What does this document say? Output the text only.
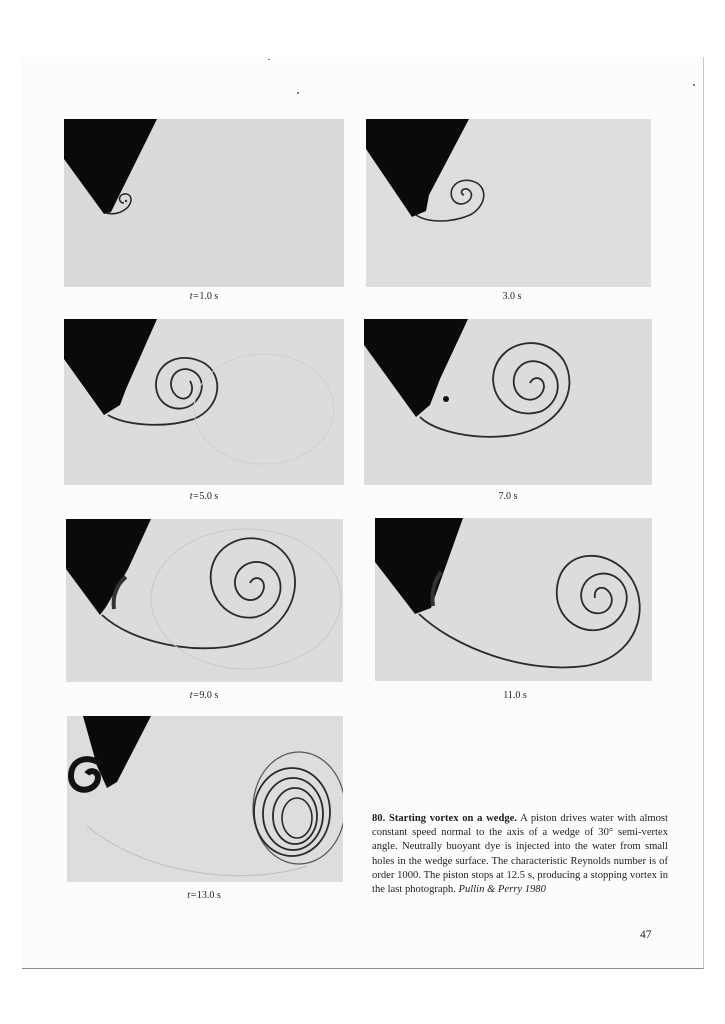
t=1.0 s	3.0 s
t=5.0 s	7.0 s
t=9.0 s	11.0 s
t=13.0 s
80. Starting vortex on a wedge. A piston drives water with almost constant speed normal to the axis of a wedge of 30° semi-vertex angle. Neutrally buoyant dye is injected into the water from small holes in the wedge surface. The characteristic Reynolds number is of order 1000. The piston stops at 12.5 s, producing a stopping vortex in the last photograph. Pullin & Perry 1980
47
